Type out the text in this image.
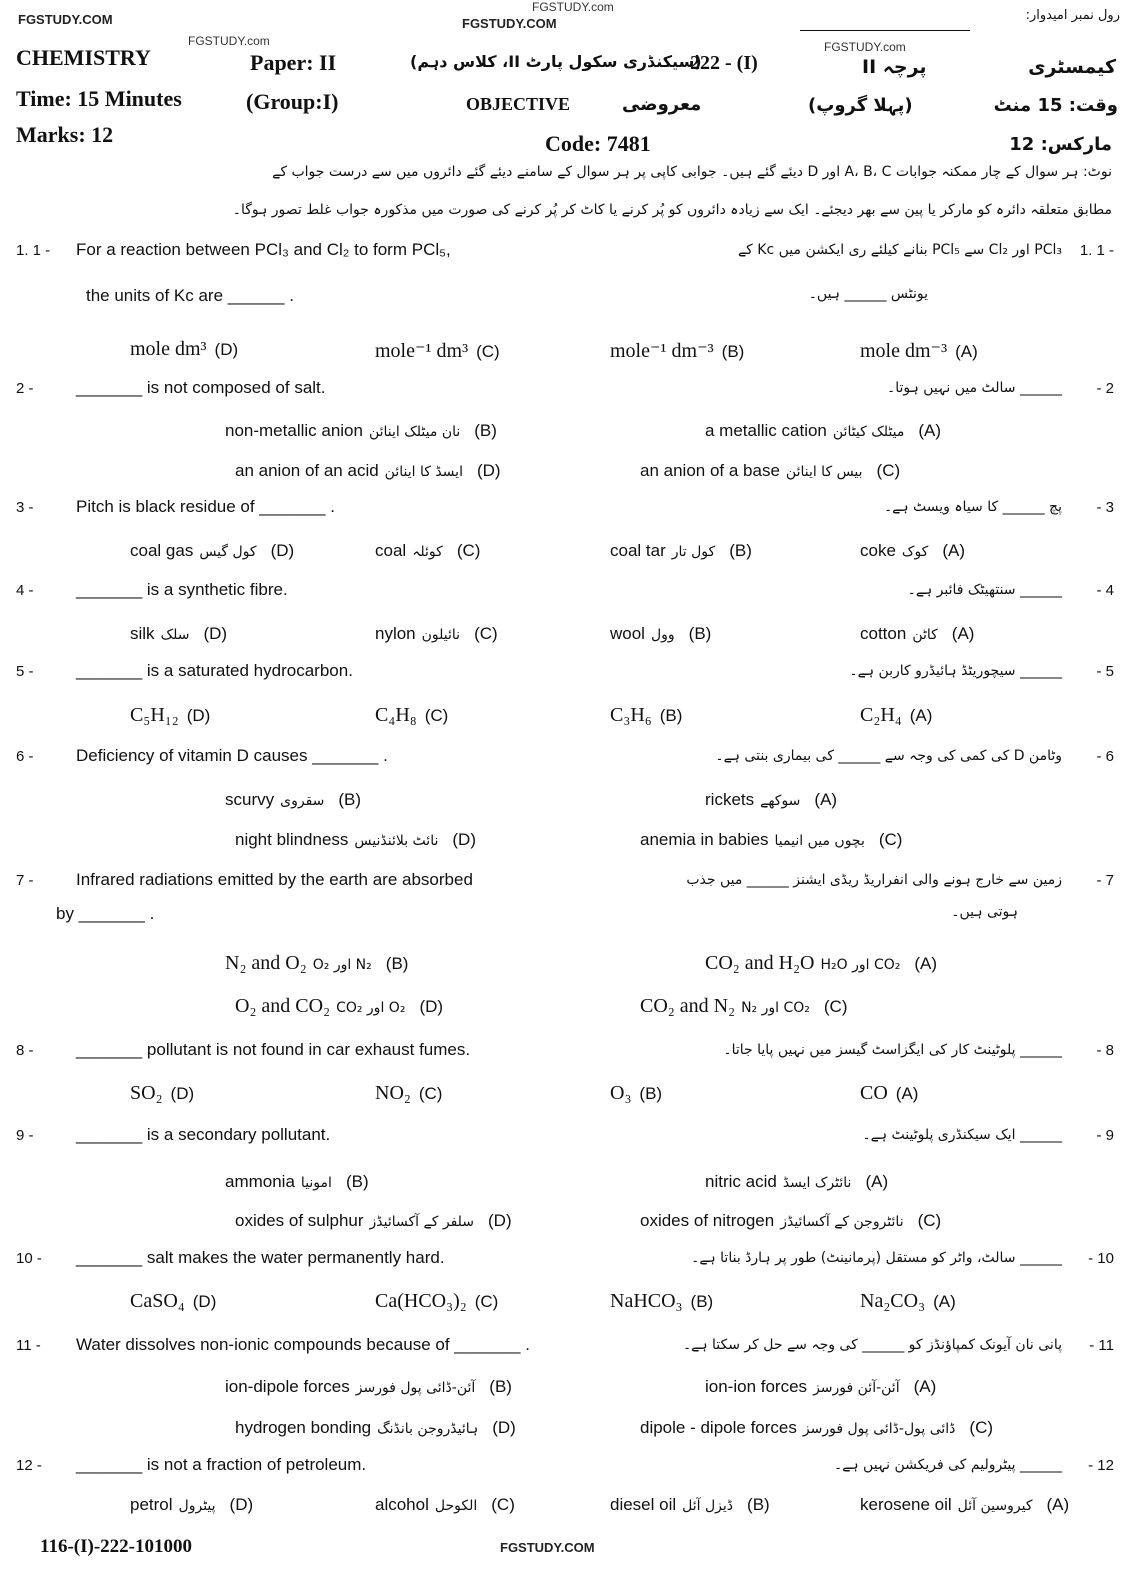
FGSTUDY.com
FGSTUDY.COM	FGSTUDY.COM
FGSTUDY.com	FGSTUDY.com
رول نمبر امیدوار:
CHEMISTRY	Paper: II	(سیکنڈری سکول پارٹ II، کلاس دہم)
222 - (I)	پرچہ II	کیمسٹری
Time: 15 Minutes	(Group:I)	OBJECTIVE	معروضی	(پہلا گروپ)	وقت: 15 منٹ
Marks: 12	Code: 7481	مارکس: 12
نوٹ: ہر سوال کے چار ممکنہ جوابات A، B، C اور D دیئے گئے ہیں۔ جوابی کاپی پر ہر سوال کے سامنے دیئے گئے دائروں میں سے درست جواب کے
مطابق متعلقہ دائرہ کو مارکر یا پین سے بھر دیجئے۔ ایک سے زیادہ دائروں کو پُر کرنے یا کاٹ کر پُر کرنے کی صورت میں مذکورہ جواب غلط تصور ہوگا۔
1. 1 - For a reaction between PCl₃ and Cl₂ to form PCl₅,	1. 1 -
PCl₃ اور Cl₂ سے PCl₅ بنانے کیلئے ری ایکشن میں Kc کے
the units of Kc are ______ .	یونٹس ______ ہیں۔
mole dm³ (D)	mole⁻¹ dm³ (C)	mole⁻¹ dm⁻³ (B)	mole dm⁻³ (A)
2 - _______ is not composed of salt.	- 2
______ سالٹ میں نہیں ہوتا۔
non-metallic anion نان میٹلک اینائن (B)	a metallic cation میٹلک کیٹائن (A)
an anion of an acid ایسڈ کا اینائن (D)	an anion of a base بیس کا اینائن (C)
3 - Pitch is black residue of _______ .	- 3
پچ ______ کا سیاہ ویسٹ ہے۔
coal gas کول گیس (D)	coal کوئلہ (C)	coal tar کول تار (B)	coke کوک (A)
4 - _______ is a synthetic fibre.	- 4
______ سنتھیٹک فائبر ہے۔
silk سلک (D)	nylon نائیلون (C)	wool وول (B)	cotton کاٹن (A)
5 - _______ is a saturated hydrocarbon.	- 5
______ سیچوریٹڈ ہائیڈرو کاربن ہے۔
C₅H₁₂ (D)	C₄H₈ (C)	C₃H₆ (B)	C₂H₄ (A)
6 - Deficiency of vitamin D causes _______ .	- 6
وٹامن D کی کمی کی وجہ سے ______ کی بیماری بنتی ہے۔
scurvy سقروی (B)	rickets سوکھے (A)
night blindness نائٹ بلائنڈنیس (D)	anemia in babies بچوں میں انیمیا (C)
7 - Infrared radiations emitted by the earth are absorbed	- 7
زمین سے خارج ہونے والی انفراریڈ ریڈی ایشنز ______ میں جذب
by _______ .	ہوتی ہیں۔
N₂ and O₂ O₂ اور N₂ (B)	CO₂ and H₂O H₂O اور CO₂ (A)
O₂ and CO₂ CO₂ اور O₂ (D)	CO₂ and N₂ N₂ اور CO₂ (C)
8 - _______ pollutant is not found in car exhaust fumes.	- 8
______ پلوٹینٹ کار کی ایگزاسٹ گیسز میں نہیں پایا جاتا۔
SO₂ (D)	NO₂ (C)	O₃ (B)	CO (A)
9 - _______ is a secondary pollutant.	- 9
______ ایک سیکنڈری پلوٹینٹ ہے۔
ammonia امونیا (B)	nitric acid نائٹرک ایسڈ (A)
oxides of sulphur سلفر کے آکسائیڈز (D)	oxides of nitrogen نائٹروجن کے آکسائیڈز (C)
10 - _______ salt makes the water permanently hard.	- 10
______ سالٹ، واٹر کو مستقل (پرمانینٹ) طور پر ہارڈ بناتا ہے۔
CaSO₄ (D)	Ca(HCO₃)₂ (C)	NaHCO₃ (B)	Na₂CO₃ (A)
11 - Water dissolves non-ionic compounds because of _______ .	- 11
پانی نان آیونک کمپاؤنڈز کو ______ کی وجہ سے حل کر سکتا ہے۔
ion-dipole forces آئن-ڈائی پول فورسز (B)	ion-ion forces آئن-آئن فورسز (A)
hydrogen bonding ہائیڈروجن بانڈنگ (D)	dipole - dipole forces ڈائی پول-ڈائی پول فورسز (C)
12 - _______ is not a fraction of petroleum.	- 12
______ پیٹرولیم کی فریکشن نہیں ہے۔
petrol پیٹرول (D)	alcohol الکوحل (C)	diesel oil ڈیزل آئل (B)	kerosene oil کیروسین آئل (A)
116-(I)-222-101000	FGSTUDY.COM
